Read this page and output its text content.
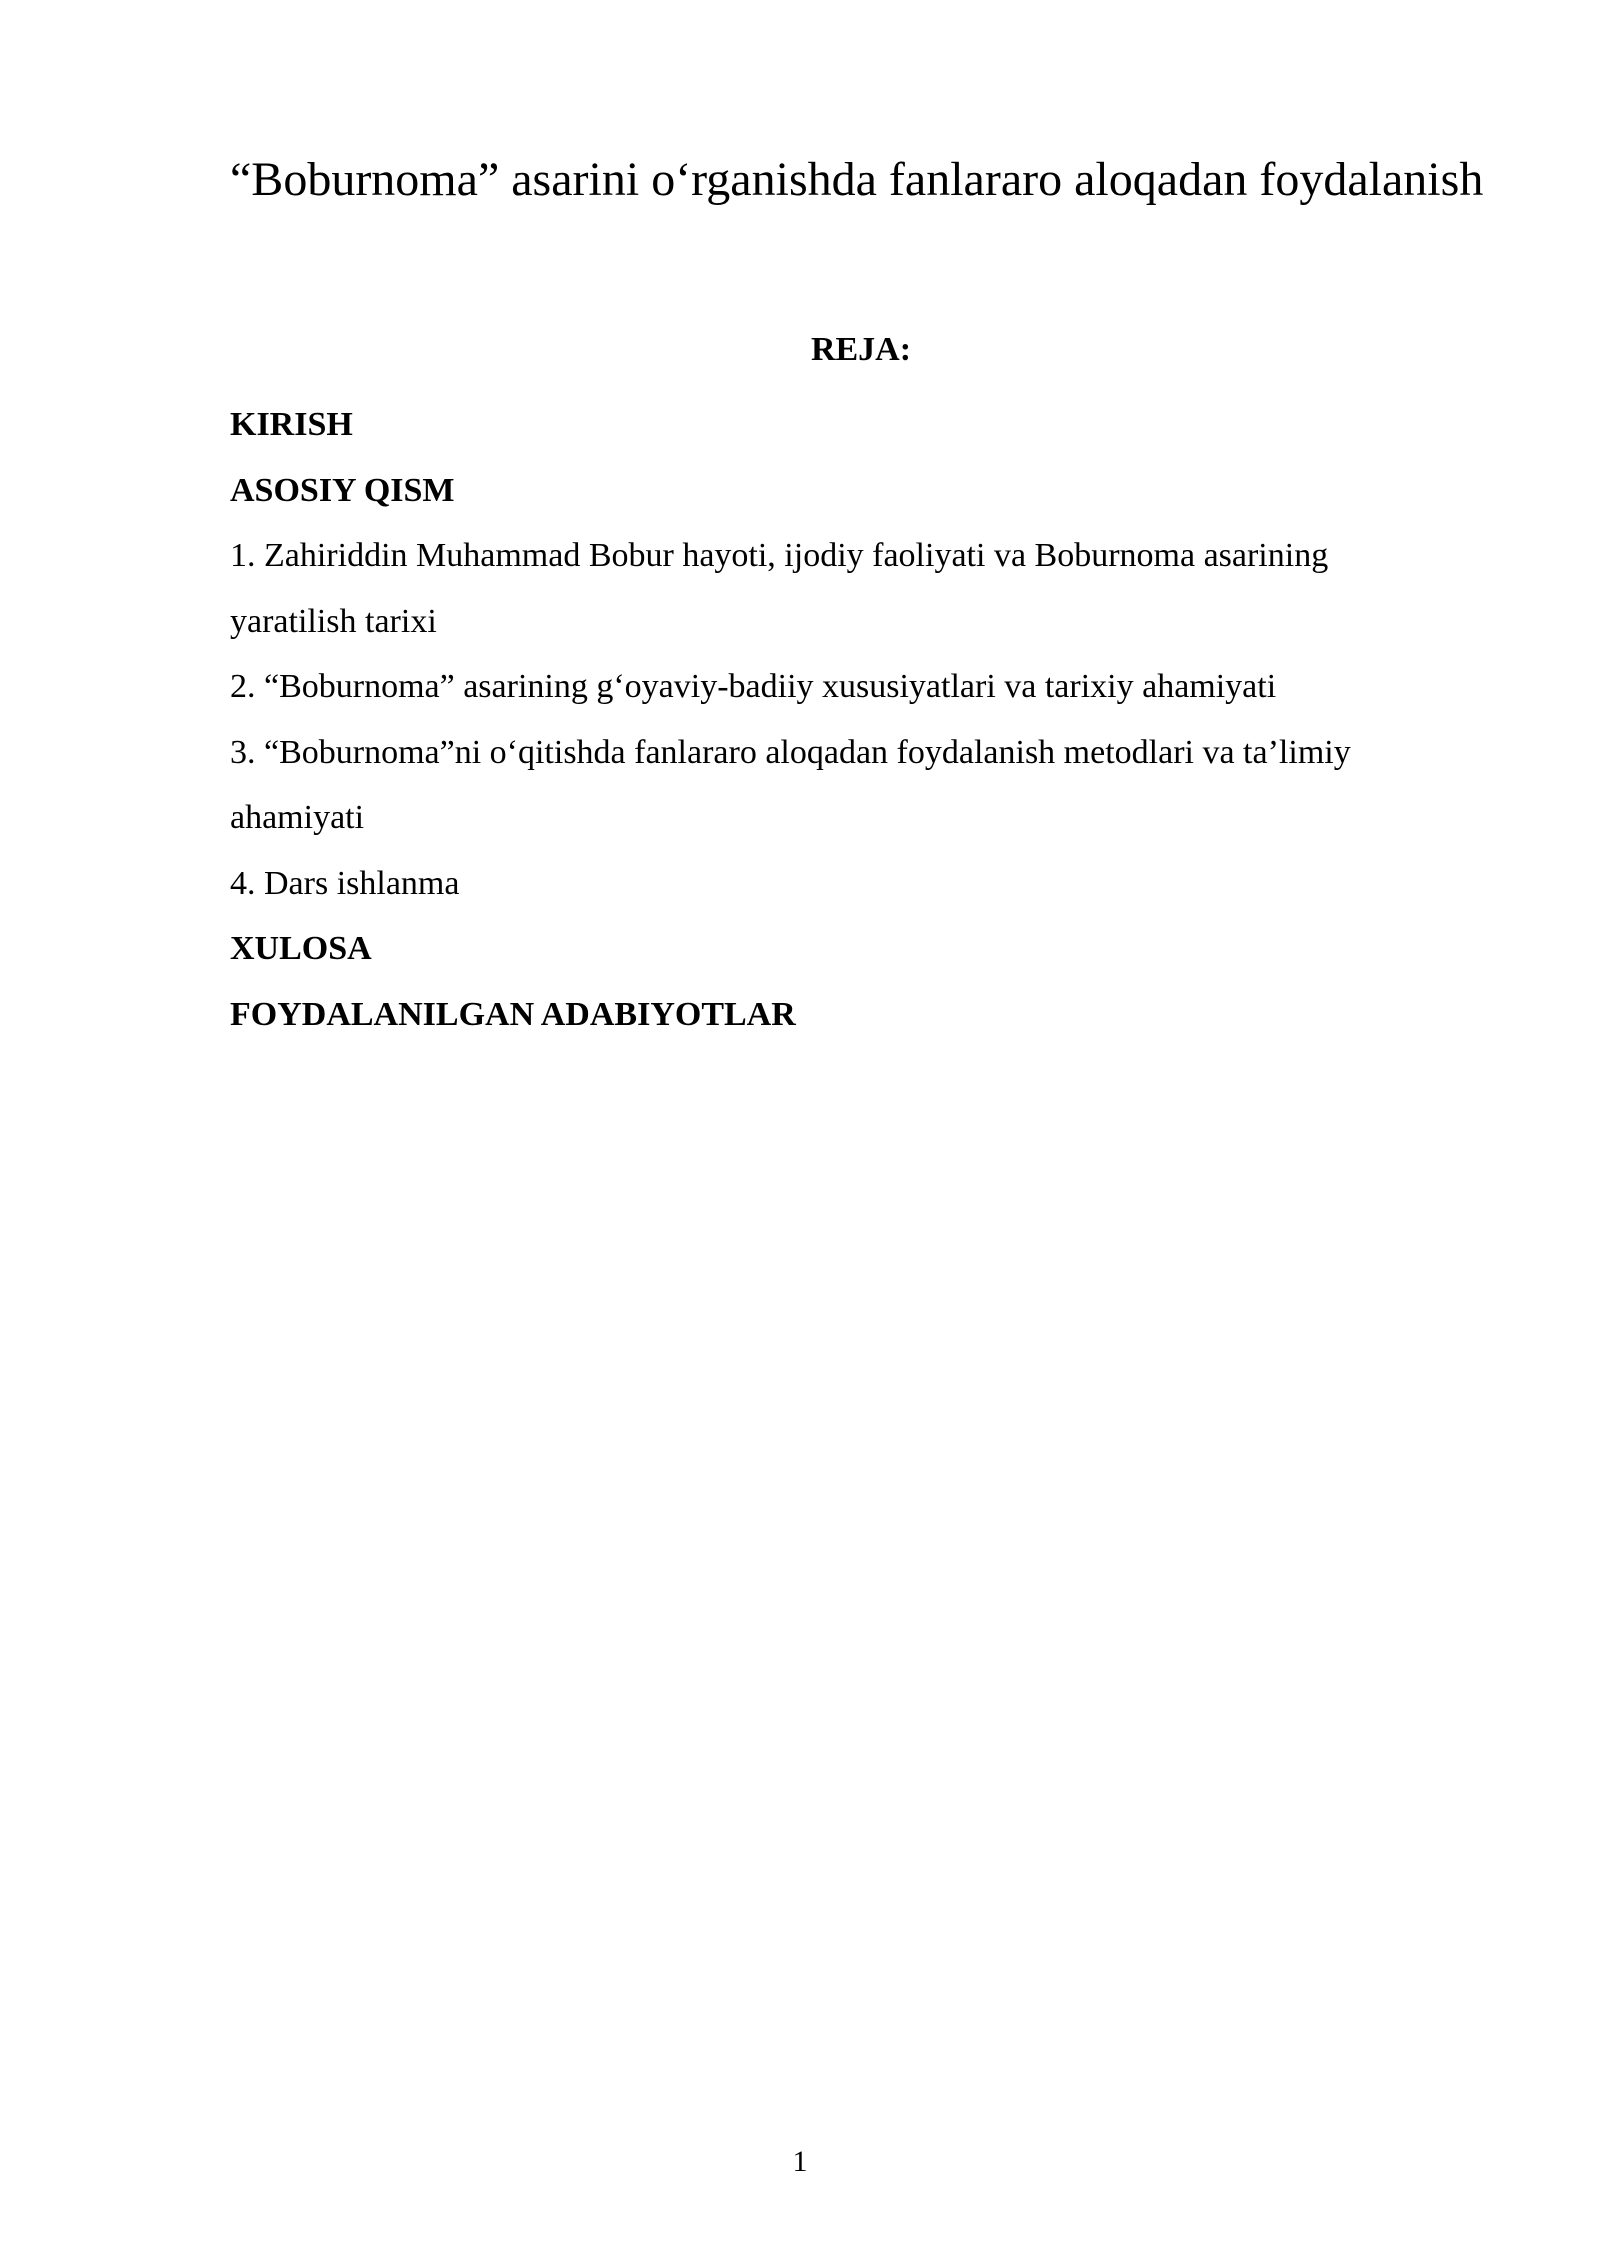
“Boburnoma” asarini o‘rganishda fanlararo aloqadan foydalanish
REJA:
KIRISH
ASOSIY QISM
1. Zahiriddin Muhammad Bobur hayoti, ijodiy faoliyati va Boburnoma asarining
yaratilish tarixi
2. “Boburnoma” asarining g‘oyaviy-badiiy xususiyatlari va tarixiy ahamiyati
3. “Boburnoma”ni o‘qitishda fanlararo aloqadan foydalanish metodlari va ta’limiy
ahamiyati
4. Dars ishlanma
XULOSA
FOYDALANILGAN ADABIYOTLAR
1
